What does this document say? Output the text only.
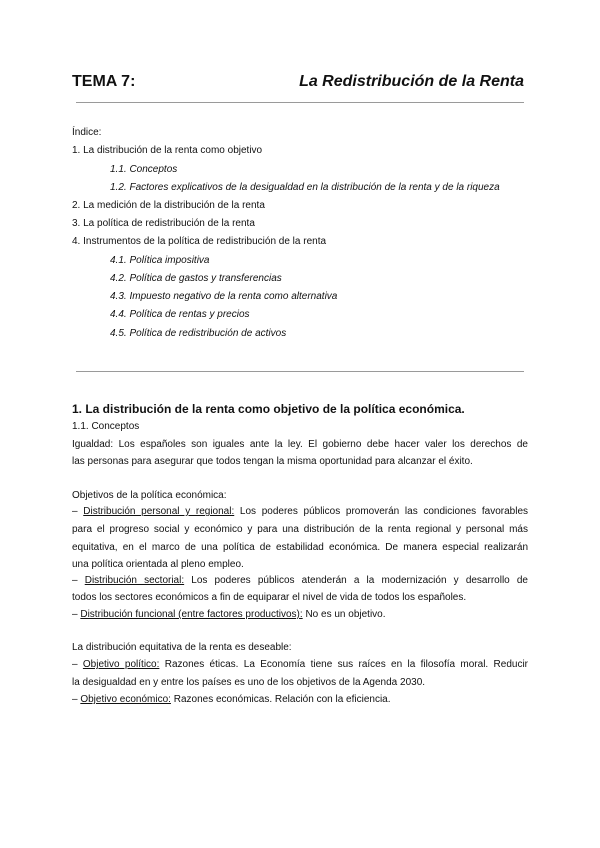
TEMA 7:	La Redistribución de la Renta
Índice:
1. La distribución de la renta como objetivo
1.1. Conceptos
1.2. Factores explicativos de la desigualdad en la distribución de la renta y de la riqueza
2. La medición de la distribución de la renta
3. La política de redistribución de la renta
4. Instrumentos de la política de redistribución de la renta
4.1. Política impositiva
4.2. Política de gastos y transferencias
4.3. Impuesto negativo de la renta como alternativa
4.4. Política de rentas y precios
4.5. Política de redistribución de activos
1. La distribución de la renta como objetivo de la política económica.
1.1. Conceptos
Igualdad: Los españoles son iguales ante la ley. El gobierno debe hacer valer los derechos de
las personas para asegurar que todos tengan la misma oportunidad para alcanzar el éxito.
Objetivos de la política económica:
– Distribución personal y regional: Los poderes públicos promoverán las condiciones favorables
para el progreso social y económico y para una distribución de la renta regional y personal más
equitativa, en el marco de una política de estabilidad económica. De manera especial realizarán
una política orientada al pleno empleo.
– Distribución sectorial: Los poderes públicos atenderán a la modernización y desarrollo de
todos los sectores económicos a fin de equiparar el nivel de vida de todos los españoles.
– Distribución funcional (entre factores productivos): No es un objetivo.
La distribución equitativa de la renta es deseable:
– Objetivo político: Razones éticas. La Economía tiene sus raíces en la filosofía moral. Reducir
la desigualdad en y entre los países es uno de los objetivos de la Agenda 2030.
– Objetivo económico: Razones económicas. Relación con la eficiencia.
